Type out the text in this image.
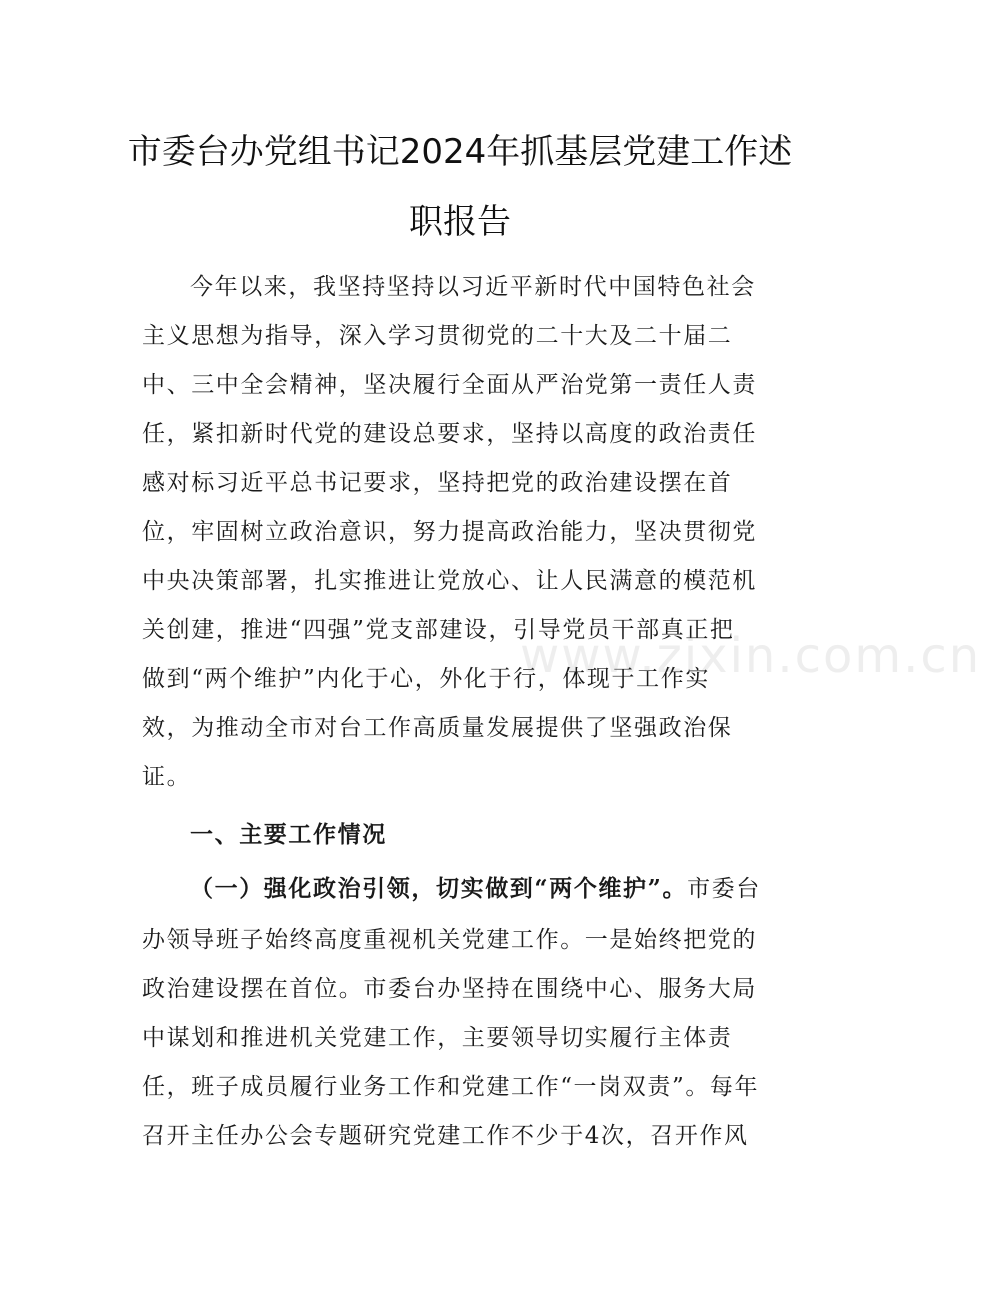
市委台办党组书记2024年抓基层党建工作述
职报告
今年以来，我坚持坚持以习近平新时代中国特色社会
主义思想为指导，深入学习贯彻党的二十大及二十届二
中、三中全会精神，坚决履行全面从严治党第一责任人责
任，紧扣新时代党的建设总要求，坚持以高度的政治责任
感对标习近平总书记要求，坚持把党的政治建设摆在首
位，牢固树立政治意识，努力提高政治能力，坚决贯彻党
中央决策部署，扎实推进让党放心、让人民满意的模范机
关创建，推进“四强”党支部建设，引导党员干部真正把
做到“两个维护”内化于心，外化于行，体现于工作实
效，为推动全市对台工作高质量发展提供了坚强政治保
证。
一、主要工作情况
（一）强化政治引领，切实做到“两个维护”。市委台
办领导班子始终高度重视机关党建工作。一是始终把党的
政治建设摆在首位。市委台办坚持在围绕中心、服务大局
中谋划和推进机关党建工作，主要领导切实履行主体责
任，班子成员履行业务工作和党建工作“一岗双责”。每年
召开主任办公会专题研究党建工作不少于4次，召开作风
www.zixin.com.cn
